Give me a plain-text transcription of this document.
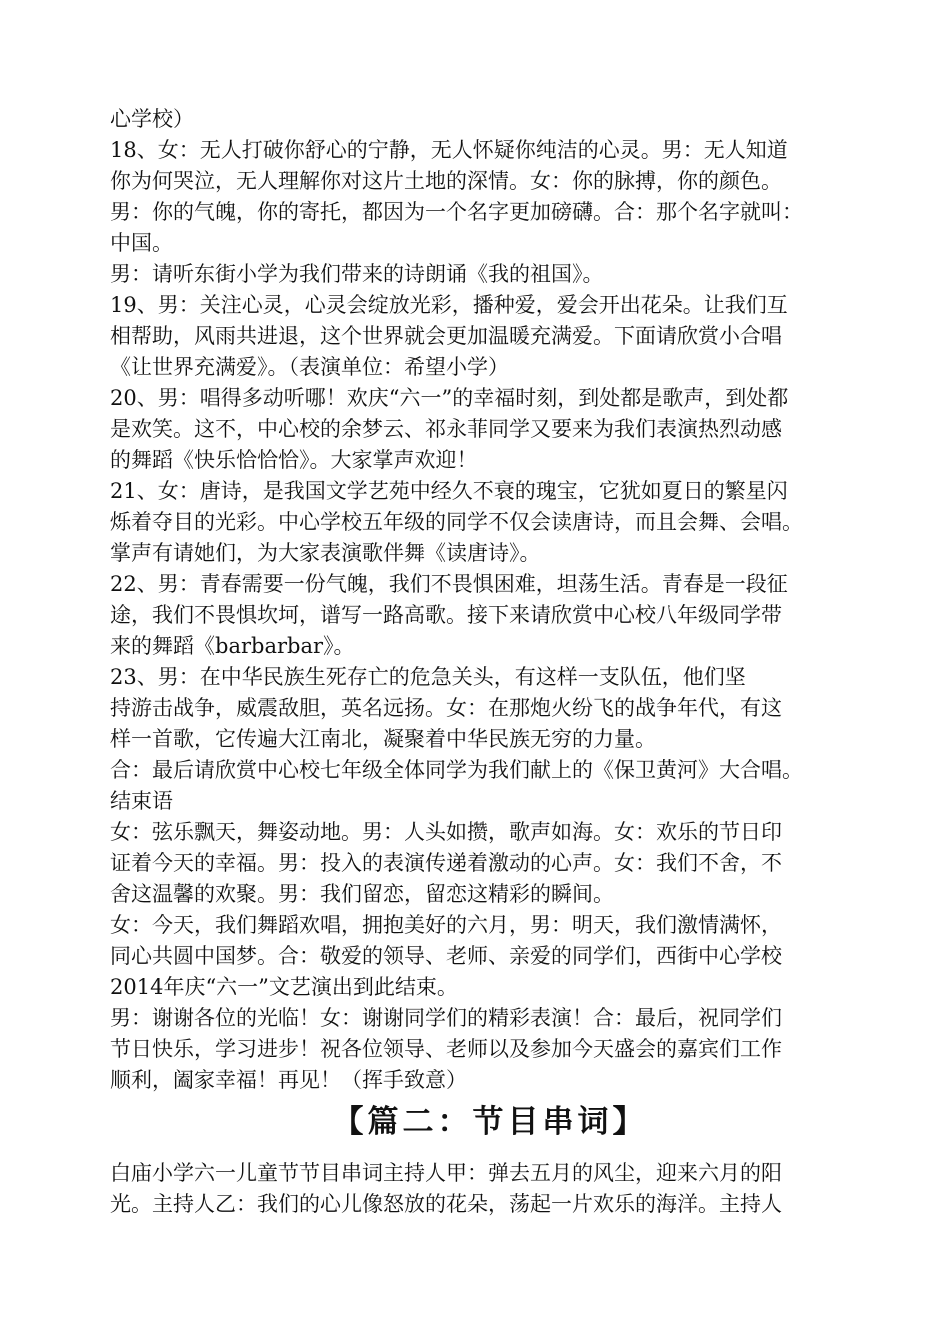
心学校）
18、女：无人打破你舒心的宁静，无人怀疑你纯洁的心灵。男：无人知道
你为何哭泣，无人理解你对这片土地的深情。女：你的脉搏，你的颜色。
男：你的气魄，你的寄托，都因为一个名字更加磅礴。合：那个名字就叫：
中国。
男：请听东街小学为我们带来的诗朗诵《我的祖国》。
19、男：关注心灵，心灵会绽放光彩，播种爱，爱会开出花朵。让我们互
相帮助，风雨共进退，这个世界就会更加温暖充满爱。下面请欣赏小合唱
《让世界充满爱》。（表演单位：希望小学）
20、男：唱得多动听哪！欢庆“六一”的幸福时刻，到处都是歌声，到处都
是欢笑。这不，中心校的余梦云、祁永菲同学又要来为我们表演热烈动感
的舞蹈《快乐恰恰恰》。大家掌声欢迎！
21、女：唐诗，是我国文学艺苑中经久不衰的瑰宝，它犹如夏日的繁星闪
烁着夺目的光彩。中心学校五年级的同学不仅会读唐诗，而且会舞、会唱。
掌声有请她们，为大家表演歌伴舞《读唐诗》。
22、男：青春需要一份气魄，我们不畏惧困难，坦荡生活。青春是一段征
途，我们不畏惧坎坷，谱写一路高歌。接下来请欣赏中心校八年级同学带
来的舞蹈《barbarbar》。
23、男：在中华民族生死存亡的危急关头，有这样一支队伍，他们坚
持游击战争，威震敌胆，英名远扬。女：在那炮火纷飞的战争年代，有这
样一首歌，它传遍大江南北，凝聚着中华民族无穷的力量。
合：最后请欣赏中心校七年级全体同学为我们献上的《保卫黄河》大合唱。
结束语
女：弦乐飘天，舞姿动地。男：人头如攒，歌声如海。女：欢乐的节日印
证着今天的幸福。男：投入的表演传递着激动的心声。女：我们不舍，不
舍这温馨的欢聚。男：我们留恋，留恋这精彩的瞬间。
女：今天，我们舞蹈欢唱，拥抱美好的六月，男：明天，我们激情满怀，
同心共圆中国梦。合：敬爱的领导、老师、亲爱的同学们，西街中心学校
2014年庆“六一”文艺演出到此结束。
男：谢谢各位的光临！女：谢谢同学们的精彩表演！合：最后，祝同学们
节日快乐，学习进步！祝各位领导、老师以及参加今天盛会的嘉宾们工作
顺利，阖家幸福！再见！（挥手致意）
【篇二：节目串词】
白庙小学六一儿童节节目串词主持人甲：弹去五月的风尘，迎来六月的阳
光。主持人乙：我们的心儿像怒放的花朵，荡起一片欢乐的海洋。主持人
